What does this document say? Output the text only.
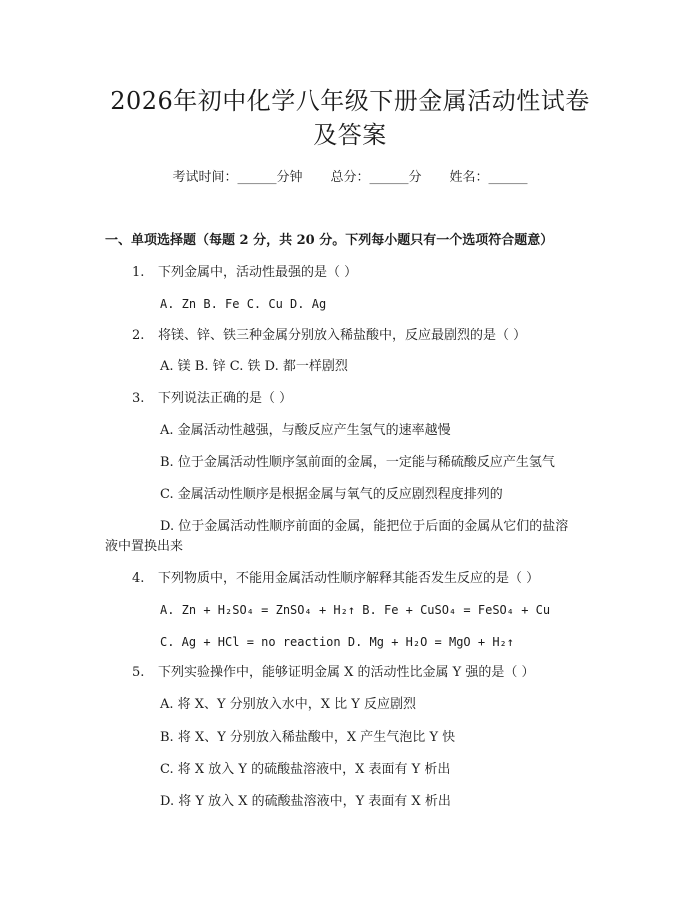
2026年初中化学八年级下册金属活动性试卷
及答案
考试时间：______分钟 总分：______分 姓名：______
一、单项选择题（每题 2 分，共 20 分。下列每小题只有一个选项符合题意）
1. 下列金属中，活动性最强的是（ ）
A. Zn B. Fe C. Cu D. Ag
2. 将镁、锌、铁三种金属分别放入稀盐酸中，反应最剧烈的是（ ）
A. 镁 B. 锌 C. 铁 D. 都一样剧烈
3. 下列说法正确的是（ ）
A. 金属活动性越强，与酸反应产生氢气的速率越慢
B. 位于金属活动性顺序氢前面的金属，一定能与稀硫酸反应产生氢气
C. 金属活动性顺序是根据金属与氧气的反应剧烈程度排列的
D. 位于金属活动性顺序前面的金属，能把位于后面的金属从它们的盐溶
液中置换出来
4. 下列物质中，不能用金属活动性顺序解释其能否发生反应的是（ ）
A. Zn + H₂SO₄ = ZnSO₄ + H₂↑ B. Fe + CuSO₄ = FeSO₄ + Cu
C. Ag + HCl = no reaction D. Mg + H₂O = MgO + H₂↑
5. 下列实验操作中，能够证明金属 X 的活动性比金属 Y 强的是（ ）
A. 将 X、Y 分别放入水中，X 比 Y 反应剧烈
B. 将 X、Y 分别放入稀盐酸中，X 产生气泡比 Y 快
C. 将 X 放入 Y 的硫酸盐溶液中，X 表面有 Y 析出
D. 将 Y 放入 X 的硫酸盐溶液中，Y 表面有 X 析出
